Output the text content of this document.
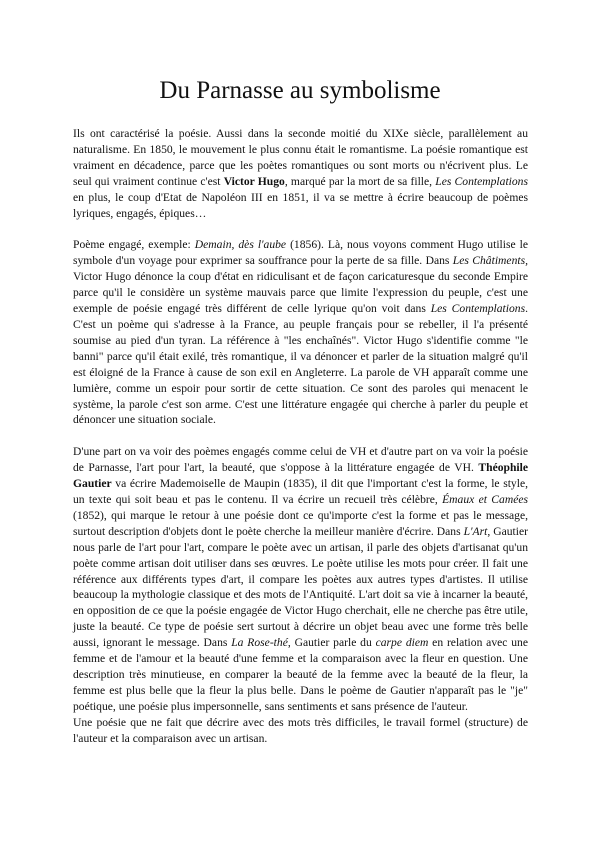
Du Parnasse au symbolisme

Ils ont caractérisé la poésie. Aussi dans la seconde moitié du XIXe siècle, parallèlement au naturalisme. En 1850, le mouvement le plus connu était le romantisme. La poésie romantique est vraiment en décadence, parce que les poètes romantiques ou sont morts ou n'écrivent plus. Le seul qui vraiment continue c'est Victor Hugo, marqué par la mort de sa fille, Les Contemplations en plus, le coup d'Etat de Napoléon III en 1851, il va se mettre à écrire beaucoup de poèmes lyriques, engagés, épiques…

Poème engagé, exemple: Demain, dès l'aube (1856). Là, nous voyons comment Hugo utilise le symbole d'un voyage pour exprimer sa souffrance pour la perte de sa fille. Dans Les Châtiments, Victor Hugo dénonce la coup d'état en ridiculisant et de façon caricaturesque du seconde Empire parce qu'il le considère un système mauvais parce que limite l'expression du peuple, c'est une exemple de poésie engagé très différent de celle lyrique qu'on voit dans Les Contemplations. C'est un poème qui s'adresse à la France, au peuple français pour se rebeller, il l'a présenté soumise au pied d'un tyran. La référence à "les enchaînés". Victor Hugo s'identifie comme "le banni" parce qu'il était exilé, très romantique, il va dénoncer et parler de la situation malgré qu'il est éloigné de la France à cause de son exil en Angleterre. La parole de VH apparaît comme une lumière, comme un espoir pour sortir de cette situation. Ce sont des paroles qui menacent le système, la parole c'est son arme. C'est une littérature engagée qui cherche à parler du peuple et dénoncer une situation sociale.

D'une part on va voir des poèmes engagés comme celui de VH et d'autre part on va voir la poésie de Parnasse, l'art pour l'art, la beauté, que s'oppose à la littérature engagée de VH. Théophile Gautier va écrire Mademoiselle de Maupin (1835), il dit que l'important c'est la forme, le style, un texte qui soit beau et pas le contenu. Il va écrire un recueil très célèbre, Émaux et Camées (1852), qui marque le retour à une poésie dont ce qu'importe c'est la forme et pas le message, surtout description d'objets dont le poète cherche la meilleur manière d'écrire. Dans L'Art, Gautier nous parle de l'art pour l'art, compare le poète avec un artisan, il parle des objets d'artisanat qu'un poète comme artisan doit utiliser dans ses œuvres. Le poète utilise les mots pour créer. Il fait une référence aux différents types d'art, il compare les poètes aux autres types d'artistes. Il utilise beaucoup la mythologie classique et des mots de l'Antiquité. L'art doit sa vie à incarner la beauté, en opposition de ce que la poésie engagée de Victor Hugo cherchait, elle ne cherche pas être utile, juste la beauté. Ce type de poésie sert surtout à décrire un objet beau avec une forme très belle aussi, ignorant le message. Dans La Rose-thé, Gautier parle du carpe diem en relation avec une femme et de l'amour et la beauté d'une femme et la comparaison avec la fleur en question. Une description très minutieuse, en comparer la beauté de la femme avec la beauté de la fleur, la femme est plus belle que la fleur la plus belle. Dans le poème de Gautier n'apparaît pas le "je" poétique, une poésie plus impersonnelle, sans sentiments et sans présence de l'auteur.

Une poésie que ne fait que décrire avec des mots très difficiles, le travail formel (structure) de l'auteur et la comparaison avec un artisan.
